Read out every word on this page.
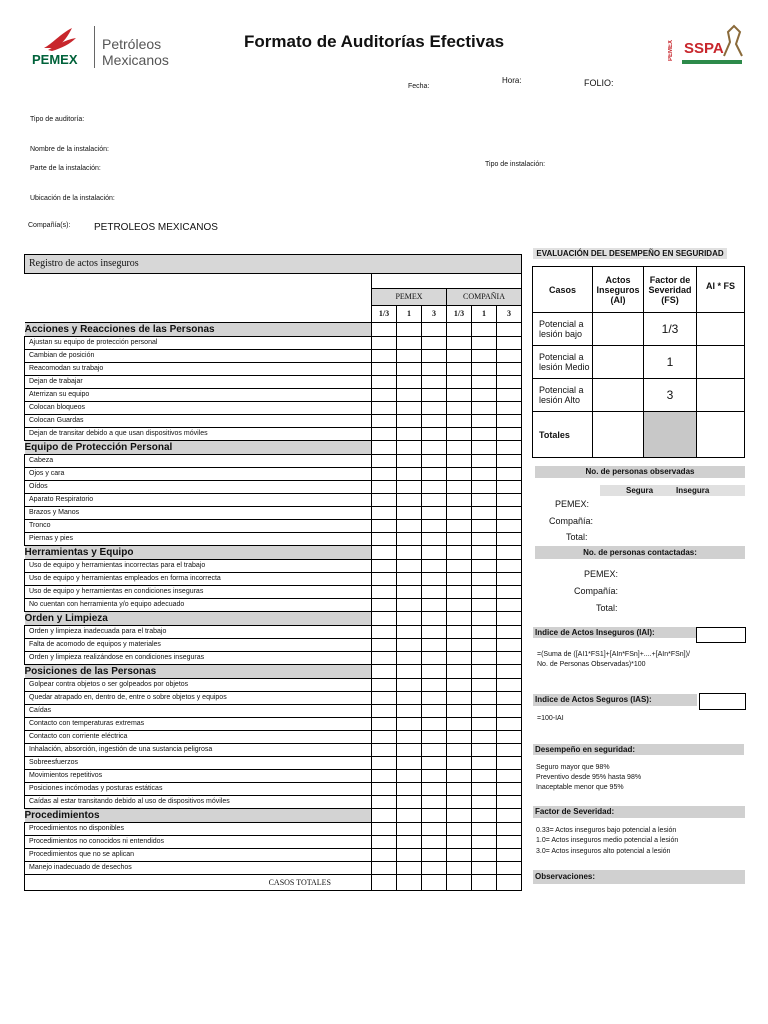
PEMEX
Petróleos
Mexicanos
Formato de Auditorías Efectivas	PEMEX SSPA
Hora:	FOLIO:
Fecha:
Tipo de auditoría:
Nombre de la instalación:
Parte de la instalación:
Tipo de instalación:
Ubicación de la instalación:
Compañía(s): PETROLEOS MEXICANOS
Registro de actos inseguros						

	PEMEX			COMPAÑIA		
	1/3	1	3	1/3	1	3
Acciones y Reacciones de las Personas						
Ajustan su equipo de protección personal						
Cambian de posición						
Reacomodan su trabajo						
Dejan de trabajar						
Aterrizan su equipo						
Colocan bloqueos						
Colocan Guardas						
Dejan de transitar debido a que usan dispositivos móviles						
Equipo de Protección Personal						
Cabeza						
Ojos y cara						
Oídos						
Aparato Respiratorio						
Brazos y Manos						
Tronco						
Piernas y pies						
Herramientas y Equipo						
Uso de equipo y herramientas incorrectas para el trabajo						
Uso de equipo y herramientas empleados en forma incorrecta						
Uso de equipo y herramientas en condiciones inseguras						
No cuentan con herramienta y/o equipo adecuado						
Orden y Limpieza						
Orden y limpieza inadecuada para el trabajo						
Falta de acomodo de equipos y materiales						
Orden y limpieza realizándose en condiciones inseguras						
Posiciones de las Personas						
Golpear contra objetos o ser golpeados por objetos						
Quedar atrapado en, dentro de, entre o sobre objetos y equipos						
Caídas						
Contacto con temperaturas extremas						
Contacto con corriente eléctrica						
Inhalación, absorción, ingestión de una sustancia peligrosa						
Sobreesfuerzos						
Movimientos repetitivos						
Posiciones incómodas y posturas estáticas						
Caídas al estar transitando debido al uso de dispositivos móviles						
Procedimientos						
Procedimientos no disponibles						
Procedimientos no conocidos ni entendidos						
Procedimientos que no se aplican						
Manejo inadecuado de desechos						
CASOS TOTALES						
EVALUACIÓN DEL DESEMPEÑO EN SEGURIDAD
Casos	Actos Inseguros (AI)	Factor de Severidad (FS)	AI * FS
Potencial a lesión bajo		1/3	
Potencial a lesión Medio		1	
Potencial a lesión Alto		3	
Totales			
No. de personas observadas
Segura	Insegura
PEMEX:
Compañía:
Total:
No. de personas contactadas:
PEMEX:
Compañía:
Total:
Indice de Actos Inseguros (IAI):
=(Suma de ([AI1*FS1]+[AIn*FSn]+....+[AIn*FSn])/
No. de Personas Observadas)*100
Indice de Actos Seguros (IAS):
=100-IAI
Desempeño en seguridad:
Seguro mayor que 98%
Preventivo desde 95% hasta 98%
Inaceptable menor que 95%
Factor de Severidad:
0.33= Actos inseguros bajo potencial a lesión
1.0= Actos inseguros medio potencial a lesión
3.0= Actos inseguros alto potencial a lesión
Observaciones:
